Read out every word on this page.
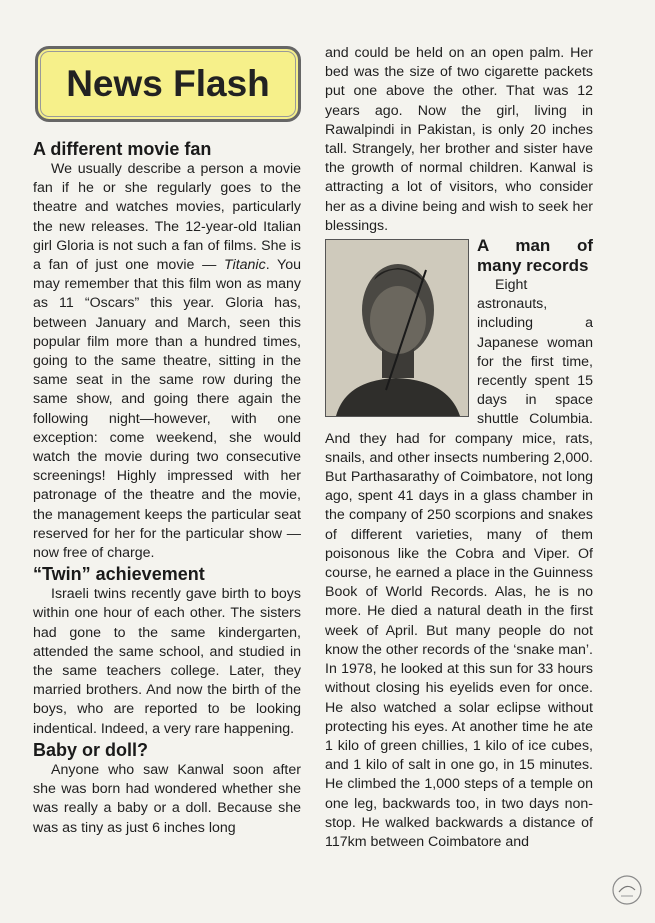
News Flash
A different movie fan

We usually describe a person a movie fan if he or she regularly goes to the theatre and watches movies, particularly the new releases. The 12-year-old Italian girl Gloria is not such a fan of films. She is a fan of just one movie — Titanic. You may remember that this film won as many as 11 “Oscars” this year. Gloria has, between January and March, seen this popular film more than a hundred times, going to the same theatre, sitting in the same seat in the same row during the same show, and going there again the following night—however, with one exception: come weekend, she would watch the movie during two consecutive screenings! Highly impressed with her patronage of the theatre and the movie, the management keeps the particular seat reserved for her for the particular show —now free of charge.

“Twin” achievement

Israeli twins recently gave birth to boys within one hour of each other. The sisters had gone to the same kindergarten, attended the same school, and studied in the same teachers college. Later, they married brothers. And now the birth of the boys, who are reported to be looking indentical. Indeed, a very rare happening.

Baby or doll?

Anyone who saw Kanwal soon after she was born had wondered whether she was really a baby or a doll. Because she was as tiny as just 6 inches long

and could be held on an open palm. Her bed was the size of two cigarette packets put one above the other. That was 12 years ago. Now the girl, living in Rawalpindi in Pakistan, is only 20 inches tall. Strangely, her brother and sister have the growth of normal children. Kanwal is attracting a lot of visitors, who consider her as a divine being and wish to seek her blessings.

A man of many records

Eight astronauts, including a Japanese woman for the first time, recently spent 15 days in space shuttle Columbia. And they had for company mice, rats, snails, and other insects numbering 2,000. But Parthasarathy of Coimbatore, not long ago, spent 41 days in a glass chamber in the company of 250 scorpions and snakes of different varieties, many of them poisonous like the Cobra and Viper. Of course, he earned a place in the Guinness Book of World Records. Alas, he is no more. He died a natural death in the first week of April. But many people do not know the other records of the ‘snake man’. In 1978, he looked at this sun for 33 hours without closing his eyelids even for once. He also watched a solar eclipse without protecting his eyes. At another time he ate 1 kilo of green chillies, 1 kilo of ice cubes, and 1 kilo of salt in one go, in 15 minutes. He climbed the 1,000 steps of a temple on one leg, backwards too, in two days non-stop. He walked backwards a distance of 117km between Coimbatore and
